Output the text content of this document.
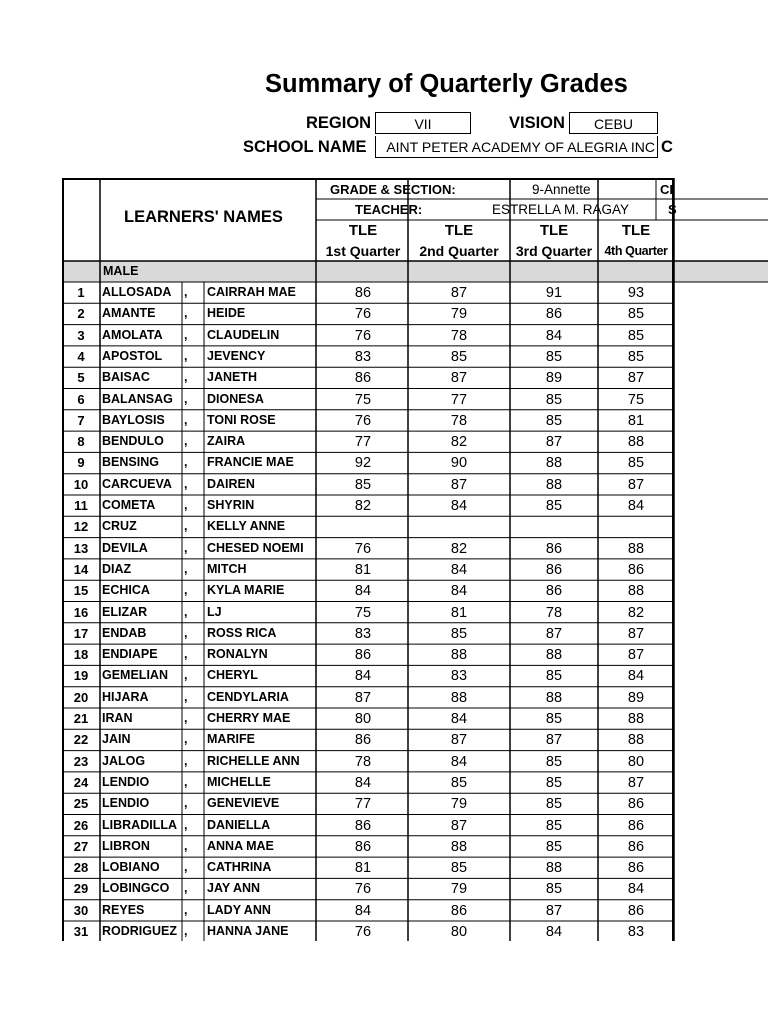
Summary of Quarterly Grades
REGION	VII	VISION	CEBU
SCHOOL NAME	AINT PETER ACADEMY OF ALEGRIA INC C
LEARNERS' NAMES
GRADE & SECTION:	9-Annette	CI
TEACHER:	ESTRELLA M. RAGAY	S
TLE	TLE	TLE	TLE
1st Quarter	2nd Quarter	3rd Quarter 4th Quarter
MALE
1	ALLOSADA , CAIRRAH MAE	86	87	91	93
2	AMANTE , HEIDE	76	79	86	85
3	AMOLATA , CLAUDELIN	76	78	84	85
4	APOSTOL , JEVENCY	83	85	85	85
5	BAISAC	, JANETH	86	87	89	87
6	BALANSAG , DIONESA	75	77	85	75
7	BAYLOSIS , TONI ROSE	76	78	85	81
8	BENDULO , ZAIRA	77	82	87	88
9	BENSING , FRANCIE MAE	92	90	88	85
10	CARCUEVA , DAIREN	85	87	88	87
11	COMETA , SHYRIN	82	84	85	84
12	CRUZ	, KELLY ANNE
13	DEVILA	, CHESED NOEMI	76	82	86	88
14	DIAZ	, MITCH	81	84	86	86
15	ECHICA	, KYLA MARIE	84	84	86	88
16	ELIZAR	, LJ	75	81	78	82
17	ENDAB	, ROSS RICA	83	85	87	87
18	ENDIAPE , RONALYN	86	88	88	87
19	GEMELIAN , CHERYL	84	83	85	84
20	HIJARA	, CENDYLARIA	87	88	88	89
21	IRAN	, CHERRY MAE	80	84	85	88
22	JAIN	, MARIFE	86	87	87	88
23	JALOG	, RICHELLE ANN	78	84	85	80
24	LENDIO	, MICHELLE	84	85	85	87
25	LENDIO	, GENEVIEVE	77	79	85	86
26	LIBRADILLA , DANIELLA	86	87	85	86
27	LIBRON	, ANNA MAE	86	88	85	86
28	LOBIANO , CATHRINA	81	85	88	86
29	LOBINGCO , JAY ANN	76	79	85	84
30	REYES	, LADY ANN	84	86	87	86
31	RODRIGUEZ , HANNA JANE	76	80	84	83
